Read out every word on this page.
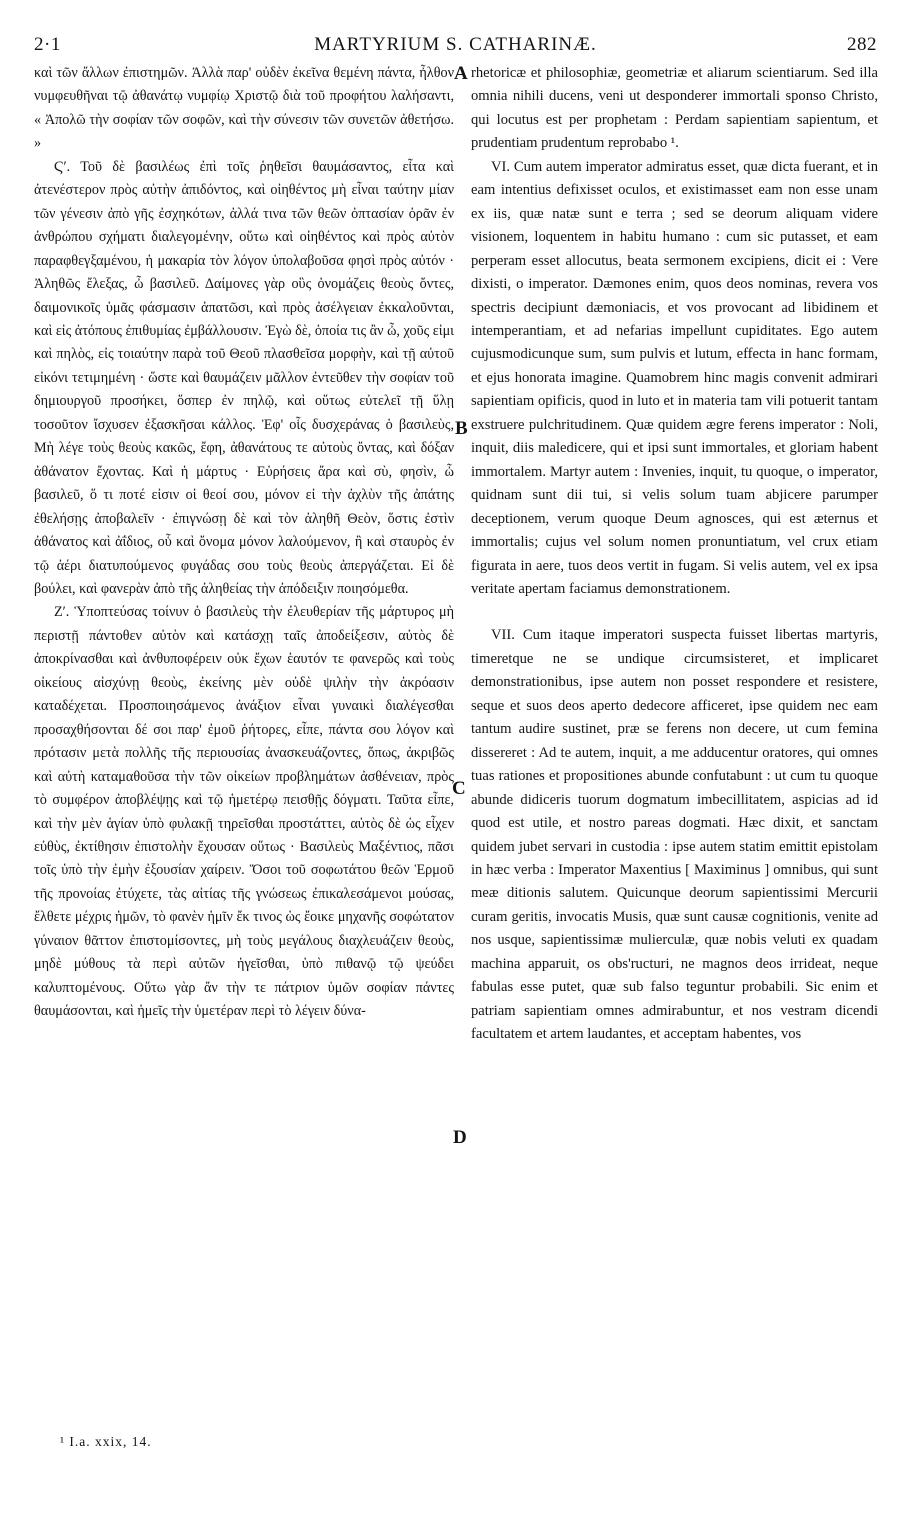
2·1	MARTYRIUM S. CATHARINÆ.	282

καὶ τῶν ἄλλων ἐπιστημῶν. Ἀλλὰ παρ' οὐδὲν ἐκεῖνα θεμένη πάντα, ἦλθον νυμφευθῆναι τῷ ἀθανάτῳ νυμφίῳ Χριστῷ διὰ τοῦ προφήτου λαλήσαντι, « Ἀπολῶ τὴν σοφίαν τῶν σοφῶν, καὶ τὴν σύνεσιν τῶν συνετῶν ἀθετήσω. »

Ϛʹ. Τοῦ δὲ βασιλέως ἐπὶ τοῖς ῥηθεῖσι θαυμάσαντος, εἶτα καὶ ἀτενέστερον πρὸς αὐτὴν ἀπιδόντος, καὶ οἰηθέντος μὴ εἶναι ταύτην μίαν τῶν γένεσιν ἀπὸ γῆς ἐσχηκότων, ἀλλά τινα τῶν θεῶν ὀπτασίαν ὁρᾶν ἐν ἀνθρώπου σχήματι διαλεγομένην, οὕτω καὶ οἰηθέντος καὶ πρὸς αὐτὸν παραφθεγξαμένου, ἡ μακαρία τὸν λόγον ὑπολαβοῦσα φησὶ πρὸς αὐτόν · Ἀληθῶς ἔλεξας, ὦ βασιλεῦ. Δαίμονες γὰρ οὓς ὀνομάζεις θεοὺς ὄντες, δαιμονικοῖς ὑμᾶς φάσμασιν ἀπατῶσι, καὶ πρὸς ἀσέλγειαν ἐκκαλοῦνται, καὶ εἰς ἀτόπους ἐπιθυμίας ἐμβάλλουσιν. Ἐγὼ δὲ, ὁποία τις ἂν ὦ, χοῦς εἰμι καὶ πηλὸς, εἰς τοιαύτην παρὰ τοῦ Θεοῦ πλασθεῖσα μορφὴν, καὶ τῇ αὐτοῦ εἰκόνι τετιμημένη · ὥστε καὶ θαυμάζειν μᾶλλον ἐντεῦθεν τὴν σοφίαν τοῦ δημιουργοῦ προσήκει, ὅσπερ ἐν πηλῷ, καὶ οὕτως εὐτελεῖ τῇ ὕλῃ τοσοῦτον ἴσχυσεν ἐξασκῆσαι κάλλος. Ἐφ' οἷς δυσχεράνας ὁ βασιλεὺς, Μὴ λέγε τοὺς θεοὺς κακῶς, ἔφη, ἀθανάτους τε αὐτοὺς ὄντας, καὶ δόξαν ἀθάνατον ἔχοντας. Καὶ ἡ μάρτυς · Εὑρήσεις ἄρα καὶ σὺ, φησὶν, ὦ βασιλεῦ, ὅ τι ποτέ εἰσιν οἱ θεοί σου, μόνον εἰ τὴν ἀχλὺν τῆς ἀπάτης ἐθελήσῃς ἀποβαλεῖν · ἐπιγνώσῃ δὲ καὶ τὸν ἀληθῆ Θεὸν, ὅστις ἐστὶν ἀθάνατος καὶ ἀΐδιος, οὗ καὶ ὄνομα μόνον λαλούμενον, ἢ καὶ σταυρὸς ἐν τῷ ἀέρι διατυπούμενος φυγάδας σου τοὺς θεοὺς ἀπεργάζεται. Εἰ δὲ βούλει, καὶ φανερὰν ἀπὸ τῆς ἀληθείας τὴν ἀπόδειξιν ποιησόμεθα.

Ζʹ. Ὑποπτεύσας τοίνυν ὁ βασιλεὺς τὴν ἐλευθερίαν τῆς μάρτυρος μὴ περιστῇ πάντοθεν αὐτὸν καὶ κατάσχῃ ταῖς ἀποδείξεσιν, αὐτὸς δὲ ἀποκρίνασθαι καὶ ἀνθυποφέρειν οὐκ ἔχων ἑαυτόν τε φανερῶς καὶ τοὺς οἰκείους αἰσχύνῃ θεοὺς, ἐκείνης μὲν οὐδὲ ψιλὴν τὴν ἀκρόασιν καταδέχεται. Προσποιησάμενος ἀνάξιον εἶναι γυναικὶ διαλέγεσθαι προσαχθήσονται δέ σοι παρ' ἐμοῦ ῥήτορες, εἶπε, πάντα σου λόγον καὶ πρότασιν μετὰ πολλῆς τῆς περιουσίας ἀνασκευάζοντες, ὅπως, ἀκριβῶς καὶ αὐτὴ καταμαθοῦσα τὴν τῶν οἰκείων προβλημάτων ἀσθένειαν, πρὸς τὸ συμφέρον ἀποβλέψῃς καὶ τῷ ἡμετέρῳ πεισθῇς δόγματι. Ταῦτα εἶπε, καὶ τὴν μὲν ἁγίαν ὑπὸ φυλακῇ τηρεῖσθαι προστάττει, αὐτὸς δὲ ὡς εἶχεν εὐθὺς, ἐκτίθησιν ἐπιστολὴν ἔχουσαν οὕτως · Βασιλεὺς Μαξέντιος, πᾶσι τοῖς ὑπὸ τὴν ἐμὴν ἐξουσίαν χαίρειν. Ὅσοι τοῦ σοφωτάτου θεῶν Ἑρμοῦ τῆς προνοίας ἐτύχετε, τὰς αἰτίας τῆς γνώσεως ἐπικαλεσάμενοι μούσας, ἔλθετε μέχρις ἡμῶν, τὸ φανὲν ἡμῖν ἔκ τινος ὡς ἔοικε μηχανῆς σοφώτατον γύναιον θᾶττον ἐπιστομίσοντες, μὴ τοὺς μεγάλους διαχλευάζειν θεοὺς, μηδὲ μύθους τὰ περὶ αὐτῶν ἡγεῖσθαι, ὑπὸ πιθανῷ τῷ ψεύδει καλυπτομένους. Οὕτω γὰρ ἄν τὴν τε πάτριον ὑμῶν σοφίαν πάντες θαυμάσονται, καὶ ἡμεῖς τὴν ὑμετέραν περὶ τὸ λέγειν δύνα-

rhetoricæ et philosophiæ, geometriæ et aliarum scientiarum. Sed illa omnia nihili ducens, veni ut desponderer immortali sponso Christo, qui locutus est per prophetam : Perdam sapientiam sapientum, et prudentiam prudentum reprobabo ¹.

VI. Cum autem imperator admiratus esset, quæ dicta fuerant, et in eam intentius defixisset oculos, et existimasset eam non esse unam ex iis, quæ natæ sunt e terra ; sed se deorum aliquam videre visionem, loquentem in habitu humano : cum sic putasset, et eam perperam esset allocutus, beata sermonem excipiens, dicit ei : Vere dixisti, o imperator. Dæmones enim, quos deos nominas, revera vos spectris decipiunt dæmoniacis, et vos provocant ad libidinem et intemperantiam, et ad nefarias impellunt cupiditates. Ego autem cujusmodicunque sum, sum pulvis et lutum, effecta in hanc formam, et ejus honorata imagine. Quamobrem hinc magis convenit admirari sapientiam opificis, quod in luto et in materia tam vili potuerit tantam exstruere pulchritudinem. Quæ quidem ægre ferens imperator : Noli, inquit, diis maledicere, qui et ipsi sunt immortales, et gloriam habent immortalem. Martyr autem : Invenies, inquit, tu quoque, o imperator, quidnam sunt dii tui, si velis solum tuam abjicere parumper deceptionem, verum quoque Deum agnosces, qui est æternus et immortalis; cujus vel solum nomen pronuntiatum, vel crux etiam figurata in aere, tuos deos vertit in fugam. Si velis autem, vel ex ipsa veritate apertam faciamus demonstrationem.

VII. Cum itaque imperatori suspecta fuisset libertas martyris, timeretque ne se undique circumsisteret, et implicaret demonstrationibus, ipse autem non posset respondere et resistere, seque et suos deos aperto dedecore afficeret, ipse quidem nec eam tantum audire sustinet, præ se ferens non decere, ut cum femina dissereret : Ad te autem, inquit, a me adducentur oratores, qui omnes tuas rationes et propositiones abunde confutabunt : ut cum tu quoque abunde didiceris tuorum dogmatum imbecillitatem, aspicias ad id quod est utile, et nostro pareas dogmati. Hæc dixit, et sanctam quidem jubet servari in custodia : ipse autem statim emittit epistolam in hæc verba : Imperator Maxentius [ Maximinus ] omnibus, qui sunt meæ ditionis salutem. Quicunque deorum sapientissimi Mercurii curam geritis, invocatis Musis, quæ sunt causæ cognitionis, venite ad nos usque, sapientissimæ mulierculæ, quæ nobis veluti ex quadam machina apparuit, os obs'ructuri, ne magnos deos irrideat, neque fabulas esse putet, quæ sub falso teguntur probabili. Sic enim et patriam sapientiam omnes admirabuntur, et nos vestram dicendi facultatem et artem laudantes, et acceptam habentes, vos

A
B
C
D
¹ I.a. xxix, 14.
